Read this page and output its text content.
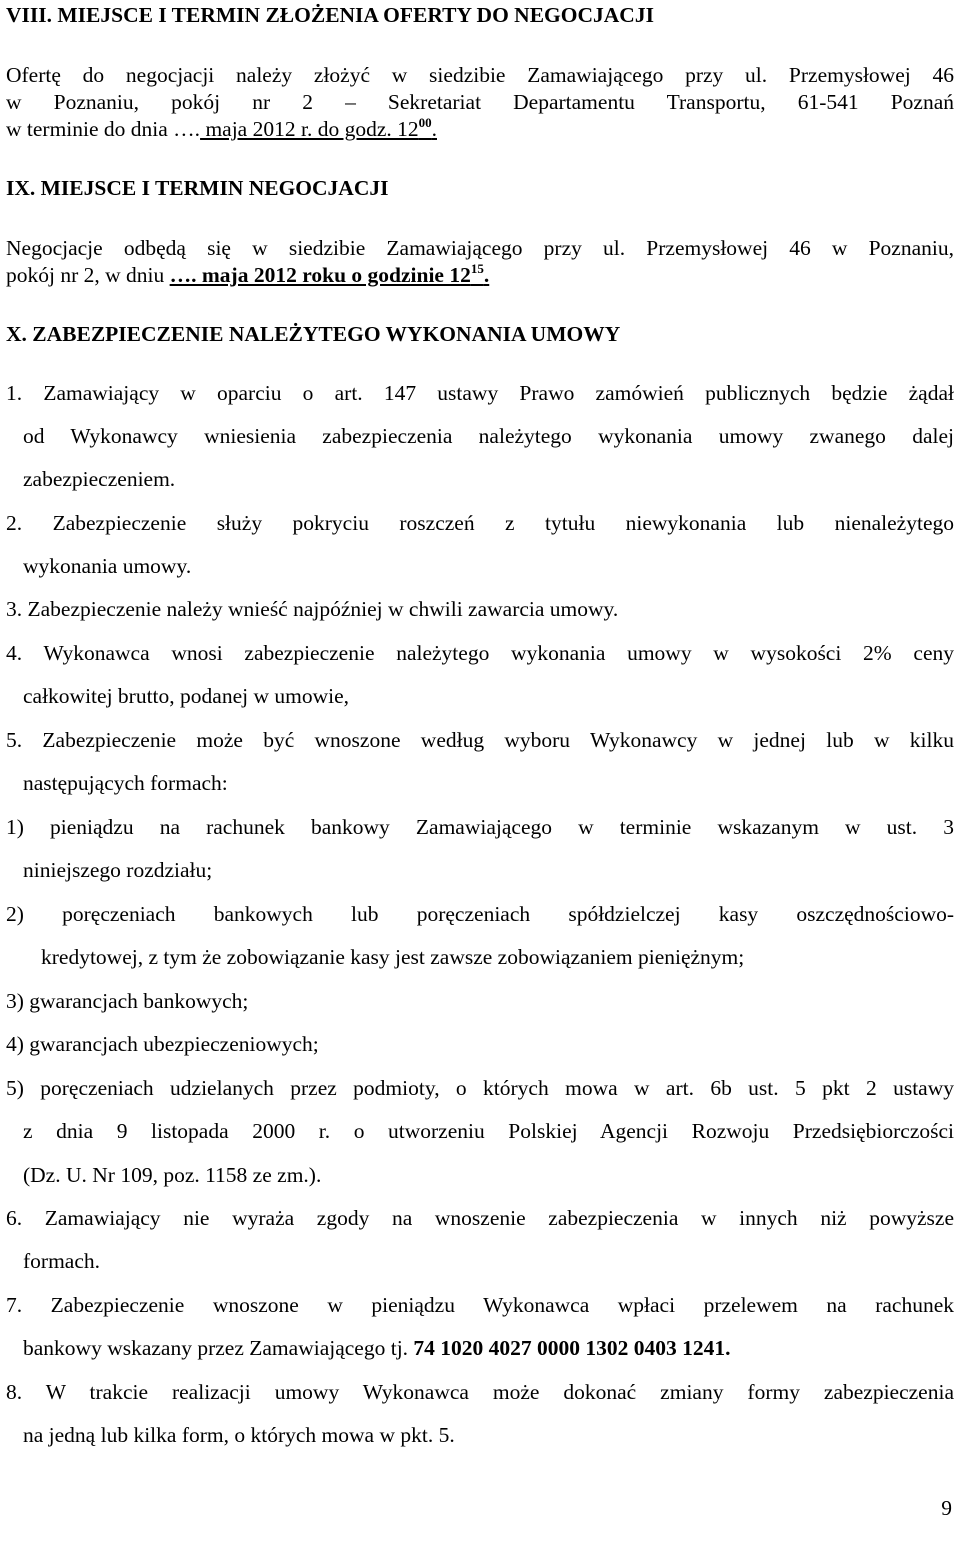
VIII. MIEJSCE I TERMIN ZŁOŻENIA OFERTY DO NEGOCJACJI
Ofertę do negocjacji należy złożyć w siedzibie Zamawiającego przy ul. Przemysłowej 46
w Poznaniu, pokój nr 2 – Sekretariat Departamentu Transportu, 61-541 Poznań
w terminie do dnia …. maja 2012 r. do godz. $12^{00}$.
IX. MIEJSCE I TERMIN NEGOCJACJI
Negocjacje odbędą się w siedzibie Zamawiającego przy ul. Przemysłowej 46 w Poznaniu,
pokój nr 2, w dniu …. maja 2012 roku o godzinie $12^{15}$.
X. ZABEZPIECZENIE NALEŻYTEGO WYKONANIA UMOWY
1. Zamawiający w oparciu o art. 147 ustawy Prawo zamówień publicznych będzie żądał
od Wykonawcy wniesienia zabezpieczenia należytego wykonania umowy zwanego dalej
zabezpieczeniem.
2. Zabezpieczenie służy pokryciu roszczeń z tytułu niewykonania lub nienależytego
wykonania umowy.
3. Zabezpieczenie należy wnieść najpóźniej w chwili zawarcia umowy.
4. Wykonawca wnosi zabezpieczenie należytego wykonania umowy w wysokości 2% ceny
całkowitej brutto, podanej w umowie,
5. Zabezpieczenie może być wnoszone według wyboru Wykonawcy w jednej lub w kilku
następujących formach:
1) pieniądzu na rachunek bankowy Zamawiającego w terminie wskazanym w ust. 3
niniejszego rozdziału;
2) poręczeniach bankowych lub poręczeniach spółdzielczej kasy oszczędnościowo-
kredytowej, z tym że zobowiązanie kasy jest zawsze zobowiązaniem pieniężnym;
3) gwarancjach bankowych;
4) gwarancjach ubezpieczeniowych;
5) poręczeniach udzielanych przez podmioty, o których mowa w art. 6b ust. 5 pkt 2 ustawy
z dnia 9 listopada 2000 r. o utworzeniu Polskiej Agencji Rozwoju Przedsiębiorczości
(Dz. U. Nr 109, poz. 1158 ze zm.).
6. Zamawiający nie wyraża zgody na wnoszenie zabezpieczenia w innych niż powyższe
formach.
7. Zabezpieczenie wnoszone w pieniądzu Wykonawca wpłaci przelewem na rachunek
bankowy wskazany przez Zamawiającego tj. 74 1020 4027 0000 1302 0403 1241.
8. W trakcie realizacji umowy Wykonawca może dokonać zmiany formy zabezpieczenia
na jedną lub kilka form, o których mowa w pkt. 5.
9
